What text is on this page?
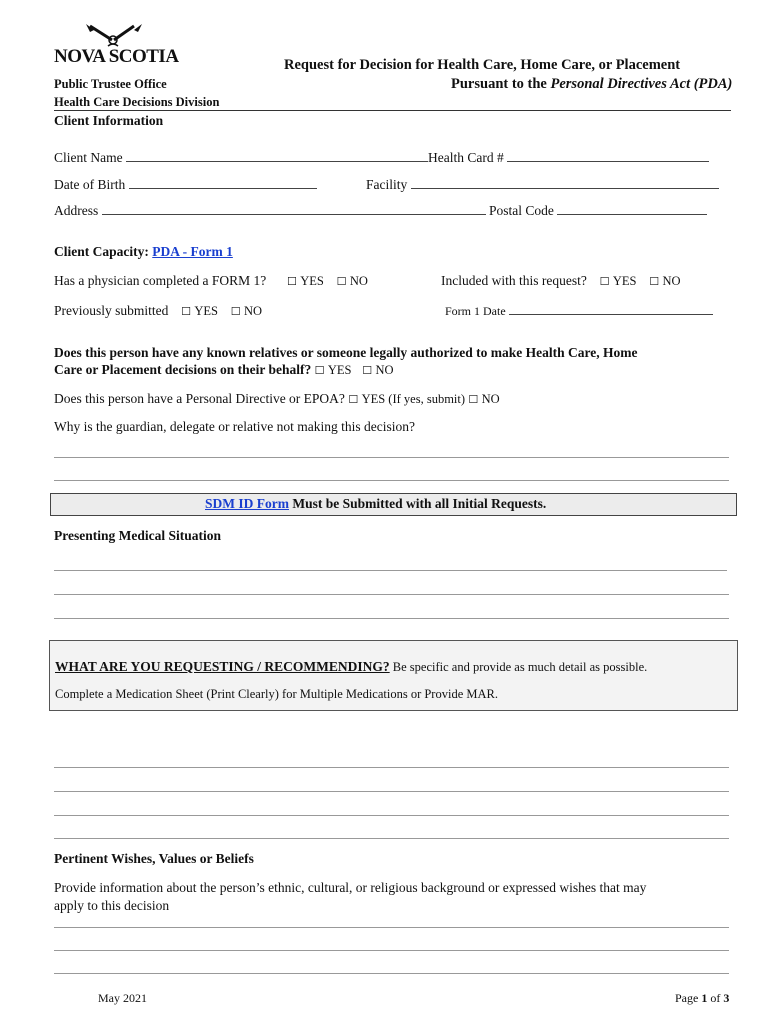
NOVA SCOTIA
Public Trustee Office
Health Care Decisions Division
Request for Decision for Health Care, Home Care, or Placement
Pursuant to the Personal Directives Act (PDA)
Client Information
Client Name	Health Card #
Date of Birth	Facility
Address	Postal Code
Client Capacity: PDA - Form 1
Has a physician completed a FORM 1? ☐ YES ☐ NO	Included with this request? ☐ YES ☐ NO
Previously submitted ☐ YES ☐ NO	Form 1 Date
Does this person have any known relatives or someone legally authorized to make Health Care, Home
Care or Placement decisions on their behalf? ☐ YES ☐ NO
Does this person have a Personal Directive or EPOA? ☐ YES (If yes, submit) ☐ NO
Why is the guardian, delegate or relative not making this decision?
SDM ID Form Must be Submitted with all Initial Requests.
Presenting Medical Situation
WHAT ARE YOU REQUESTING / RECOMMENDING? Be specific and provide as much detail as possible.
Complete a Medication Sheet (Print Clearly) for Multiple Medications or Provide MAR.
Pertinent Wishes, Values or Beliefs
Provide information about the person’s ethnic, cultural, or religious background or expressed wishes that may
apply to this decision
May 2021	Page 1 of 3
